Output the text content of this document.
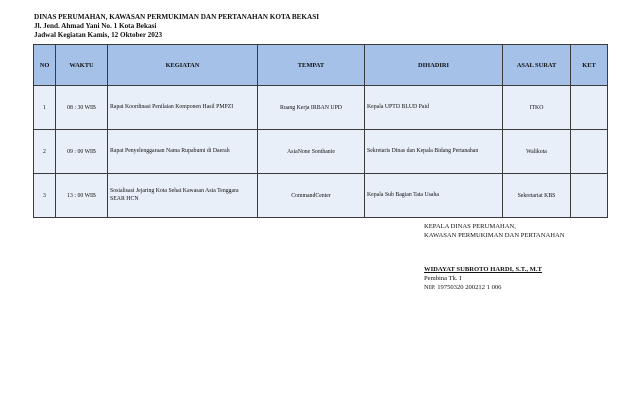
DINAS PERUMAHAN, KAWASAN PERMUKIMAN DAN PERTANAHAN KOTA BEKASI
Jl. Jend. Ahmad Yani No. 1 Kota Bekasi
Jadwal Kegiatan Kamis, 12 Oktober 2023
NO	WAKTU	KEGIATAN	TEMPAT	DIHADIRI	ASAL SURAT	KET
1	08 : 30 WIB	Rapat Koordinasi Penilaian Komponen Hasil PMPZI	Ruang Kerja IRBAN UPD	Kepala UPTD BLUD Paid	ITKO	
2	09 : 00 WIB	Rapat Penyelenggaraan Nama Rupabumi di Daerah	AsiaNone Sonthanie	Sekretaris Dinas dan Kepala Bidang Pertanahan	Walikota	
3	13 : 00 WIB	Sosialisasi Jejaring Kota Sehat Kawasan Asia Tenggara SEAR HCN	CommandCenter	Kepala Sub Bagian Tata Usaha	Sekretariat KBS	
KEPALA DINAS PERUMAHAN,
KAWASAN PERMUKIMAN DAN PERTANAHAN
WIDAYAT SUBROTO HARDI, S.T., M.T
Pembina Tk. I
NIP. 19750320 200212 1 006
